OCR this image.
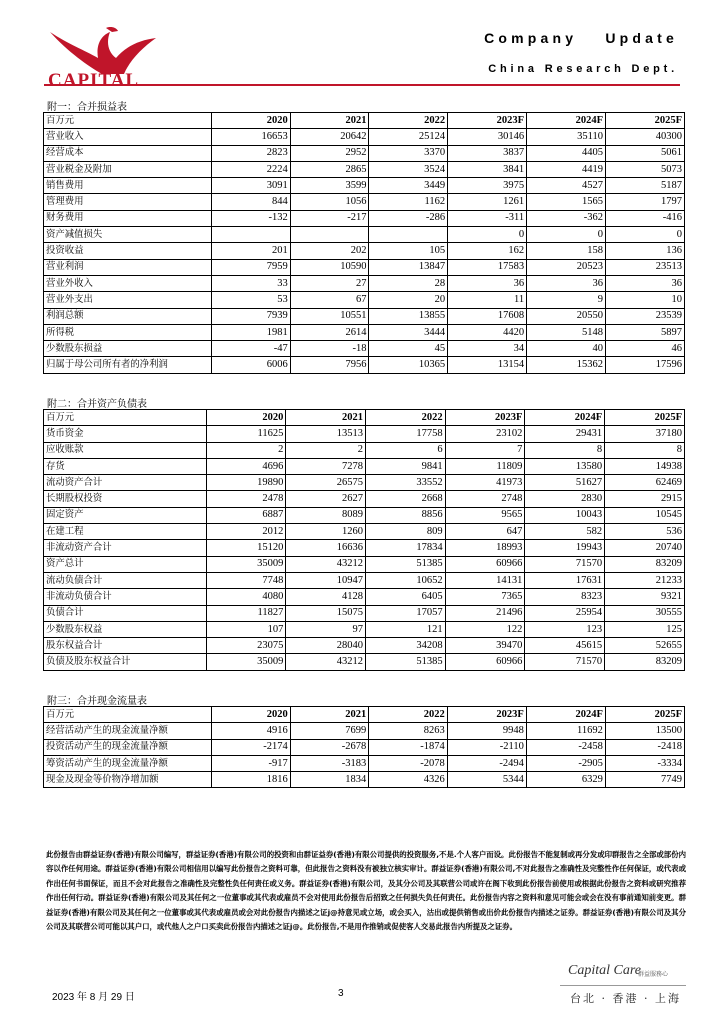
CAPITAL
Company Update
China Research Dept.
附一：合并损益表
百万元	2020	2021	2022	2023F	2024F	2025F
营业收入	16653	20642	25124	30146	35110	40300
经营成本	2823	2952	3370	3837	4405	5061
营业税金及附加	2224	2865	3524	3841	4419	5073
销售费用	3091	3599	3449	3975	4527	5187
管理费用	844	1056	1162	1261	1565	1797
财务费用	-132	-217	-286	-311	-362	-416
资产减值损失				0	0	0
投资收益	201	202	105	162	158	136
营业利润	7959	10590	13847	17583	20523	23513
营业外收入	33	27	28	36	36	36
营业外支出	53	67	20	11	9	10
利润总额	7939	10551	13855	17608	20550	23539
所得税	1981	2614	3444	4420	5148	5897
少数股东损益	-47	-18	45	34	40	46
归属于母公司所有者的净利润	6006	7956	10365	13154	15362	17596
附二：合并资产负债表
百万元	2020	2021	2022	2023F	2024F	2025F
货币资金	11625	13513	17758	23102	29431	37180
应收账款	2	2	6	7	8	8
存货	4696	7278	9841	11809	13580	14938
流动资产合计	19890	26575	33552	41973	51627	62469
长期股权投资	2478	2627	2668	2748	2830	2915
固定资产	6887	8089	8856	9565	10043	10545
在建工程	2012	1260	809	647	582	536
非流动资产合计	15120	16636	17834	18993	19943	20740
资产总计	35009	43212	51385	60966	71570	83209
流动负债合计	7748	10947	10652	14131	17631	21233
非流动负债合计	4080	4128	6405	7365	8323	9321
负债合计	11827	15075	17057	21496	25954	30555
少数股东权益	107	97	121	122	123	125
股东权益合计	23075	28040	34208	39470	45615	52655
负债及股东权益合计	35009	43212	51385	60966	71570	83209
附三：合并现金流量表
百万元	2020	2021	2022	2023F	2024F	2025F
经营活动产生的现金流量净额	4916	7699	8263	9948	11692	13500
投资活动产生的现金流量净额	-2174	-2678	-1874	-2110	-2458	-2418
筹资活动产生的现金流量净额	-917	-3183	-2078	-2494	-2905	-3334
现金及现金等价物净增加额	1816	1834	4326	5344	6329	7749
此份报告由群益证券(香港)有限公司编写，群益证券(香港)有限公司的投资和由群证益券(香港)有限公司提供的投资服务,不是.个人客户而设。此份报告不能复制或再分发或印群报告之全部或部份内容以作任何用途。群益证券(香港)有限公司相信用以编写此份报告之资料可靠，但此报告之资料没有被独立核实审计。群益证券(香港)有限公司,不对此报告之准确性及完整性作任何保证，或代表或作出任何书面保证，而且不会对此报告之准确性及完整性负任何责任或义务。群益证券(香港)有限公司，及其分公司及其联营公司或许在阁下收到此份报告前使用或根据此份报告之资料或研究推荐作出任何行动。群益证券(香港)有限公司及其任何之一位董事或其代表或雇员不会对使用此份报告后招致之任何损失负任何责任。此份报告内容之资料和意见可能会或会在没有事前通知前变更。群益证券(香港)有限公司及其任何之一位董事或其代表或雇员或会对此份报告内描述之证j@持意见或立场，或会买入，沽出或提供销售或出价此份报告内描述之证券。群益证券(香港)有限公司及其分公司及其联营公司可能以其户口，或代他人之户口买卖此份报告内描述之证j@。此份报告,不是用作推销或促使客人交易此报告内所提及之证券。
2023 年 8 月 29 日	3
Capital Care
群益服務心
台北 · 香港 · 上海
